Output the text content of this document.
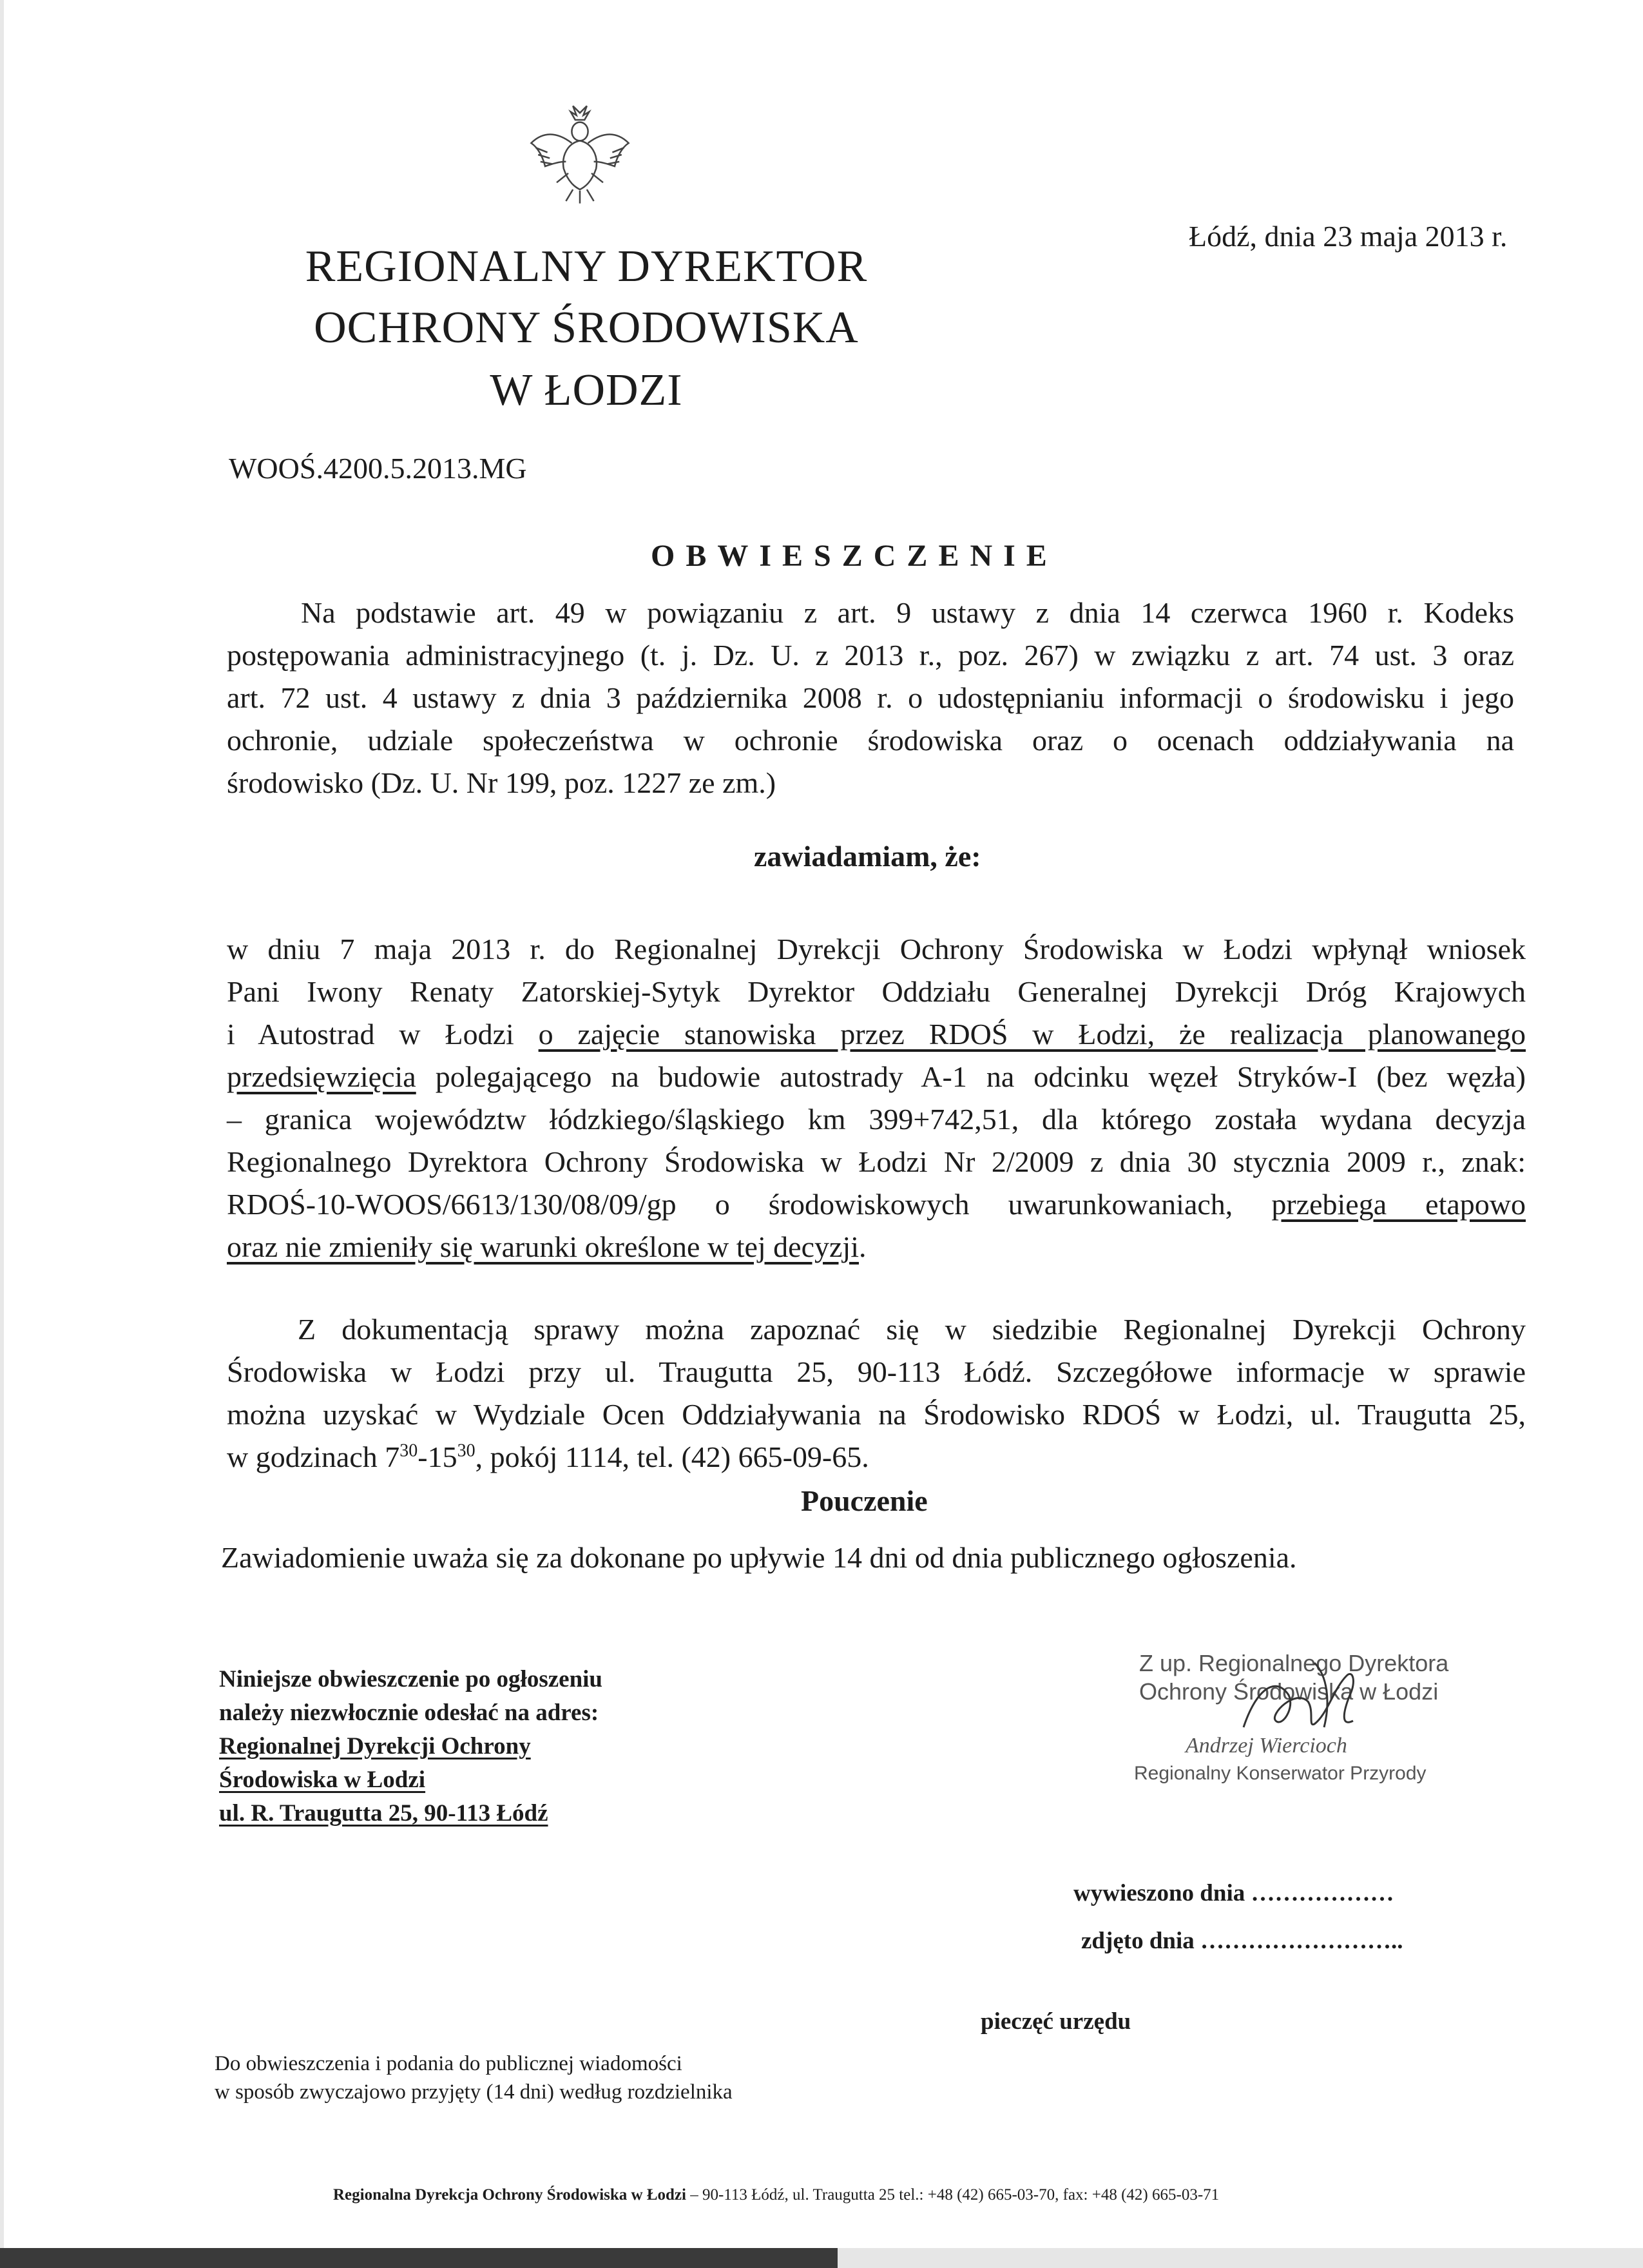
REGIONALNY DYREKTOR
OCHRONY ŚRODOWISKA
W ŁODZI
Łódź, dnia 23 maja 2013 r.
WOOŚ.4200.5.2013.MG
OBWIESZCZENIE
Na podstawie art. 49 w powiązaniu z art. 9 ustawy z dnia 14 czerwca 1960 r. Kodeks
postępowania administracyjnego (t. j. Dz. U. z 2013 r., poz. 267) w związku z art. 74 ust. 3 oraz
art. 72 ust. 4 ustawy z dnia 3 października 2008 r. o udostępnianiu informacji o środowisku i jego
ochronie, udziale społeczeństwa w ochronie środowiska oraz o ocenach oddziaływania na
środowisko (Dz. U. Nr 199, poz. 1227 ze zm.)
zawiadamiam, że:
w dniu 7 maja 2013 r. do Regionalnej Dyrekcji Ochrony Środowiska w Łodzi wpłynął wniosek
Pani Iwony Renaty Zatorskiej-Sytyk Dyrektor Oddziału Generalnej Dyrekcji Dróg Krajowych
i Autostrad w Łodzi o zajęcie stanowiska przez RDOŚ w Łodzi, że realizacja planowanego
przedsięwzięcia polegającego na budowie autostrady A-1 na odcinku węzeł Stryków-I (bez węzła)
– granica województw łódzkiego/śląskiego km 399+742,51, dla którego została wydana decyzja
Regionalnego Dyrektora Ochrony Środowiska w Łodzi Nr 2/2009 z dnia 30 stycznia 2009 r., znak:
RDOŚ-10-WOOS/6613/130/08/09/gp o środowiskowych uwarunkowaniach, przebiega etapowo
oraz nie zmieniły się warunki określone w tej decyzji.
Z dokumentacją sprawy można zapoznać się w siedzibie Regionalnej Dyrekcji Ochrony
Środowiska w Łodzi przy ul. Traugutta 25, 90-113 Łódź. Szczegółowe informacje w sprawie
można uzyskać w Wydziale Ocen Oddziaływania na Środowisko RDOŚ w Łodzi, ul. Traugutta 25,
w godzinach $7^{30}-15^{30}$, pokój 1114, tel. (42) 665-09-65.
Pouczenie
Zawiadomienie uważa się za dokonane po upływie 14 dni od dnia publicznego ogłoszenia.
Niniejsze obwieszczenie po ogłoszeniu
należy niezwłocznie odesłać na adres:
Regionalnej Dyrekcji Ochrony
Środowiska w Łodzi
ul. R. Traugutta 25, 90-113 Łódź
Z up. Regionalnego Dyrektora
Ochrony Środowiska w Łodzi
Andrzej Wiercioch
Regionalny Konserwator Przyrody
wywieszono dnia ………………
zdjęto dnia ……………………..
pieczęć urzędu
Do obwieszczenia i podania do publicznej wiadomości
w sposób zwyczajowo przyjęty (14 dni) według rozdzielnika
Regionalna Dyrekcja Ochrony Środowiska w Łodzi – 90-113 Łódź, ul. Traugutta 25 tel.: +48 (42) 665-03-70, fax: +48 (42) 665-03-71
